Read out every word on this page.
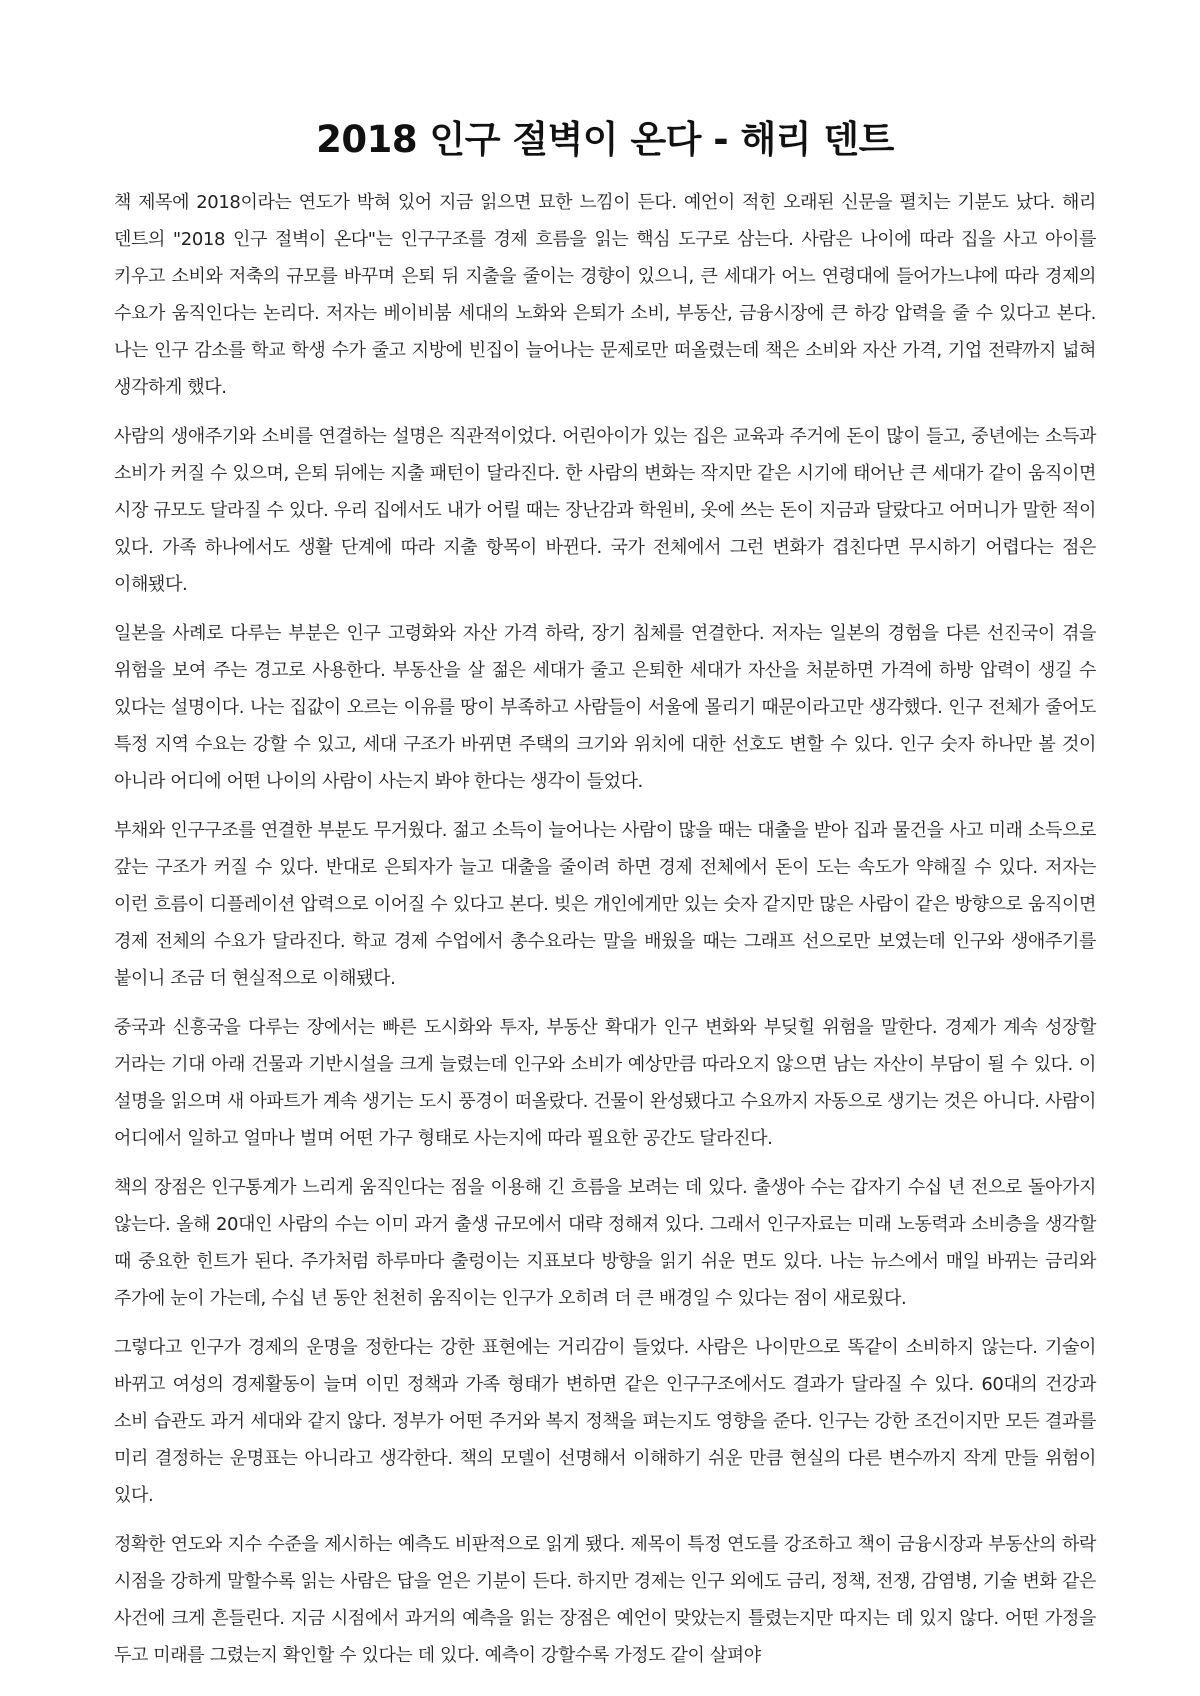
2018 인구 절벽이 온다 - 해리 덴트

책 제목에 2018이라는 연도가 박혀 있어 지금 읽으면 묘한 느낌이 든다. 예언이 적힌 오래된 신문을 펼치는 기분도 났다. 해리 덴트의 "2018 인구 절벽이 온다"는 인구구조를 경제 흐름을 읽는 핵심 도구로 삼는다. 사람은 나이에 따라 집을 사고 아이를 키우고 소비와 저축의 규모를 바꾸며 은퇴 뒤 지출을 줄이는 경향이 있으니, 큰 세대가 어느 연령대에 들어가느냐에 따라 경제의 수요가 움직인다는 논리다. 저자는 베이비붐 세대의 노화와 은퇴가 소비, 부동산, 금융시장에 큰 하강 압력을 줄 수 있다고 본다. 나는 인구 감소를 학교 학생 수가 줄고 지방에 빈집이 늘어나는 문제로만 떠올렸는데 책은 소비와 자산 가격, 기업 전략까지 넓혀 생각하게 했다.

사람의 생애주기와 소비를 연결하는 설명은 직관적이었다. 어린아이가 있는 집은 교육과 주거에 돈이 많이 들고, 중년에는 소득과 소비가 커질 수 있으며, 은퇴 뒤에는 지출 패턴이 달라진다. 한 사람의 변화는 작지만 같은 시기에 태어난 큰 세대가 같이 움직이면 시장 규모도 달라질 수 있다. 우리 집에서도 내가 어릴 때는 장난감과 학원비, 옷에 쓰는 돈이 지금과 달랐다고 어머니가 말한 적이 있다. 가족 하나에서도 생활 단계에 따라 지출 항목이 바뀐다. 국가 전체에서 그런 변화가 겹친다면 무시하기 어렵다는 점은 이해됐다.

일본을 사례로 다루는 부분은 인구 고령화와 자산 가격 하락, 장기 침체를 연결한다. 저자는 일본의 경험을 다른 선진국이 겪을 위험을 보여 주는 경고로 사용한다. 부동산을 살 젊은 세대가 줄고 은퇴한 세대가 자산을 처분하면 가격에 하방 압력이 생길 수 있다는 설명이다. 나는 집값이 오르는 이유를 땅이 부족하고 사람들이 서울에 몰리기 때문이라고만 생각했다. 인구 전체가 줄어도 특정 지역 수요는 강할 수 있고, 세대 구조가 바뀌면 주택의 크기와 위치에 대한 선호도 변할 수 있다. 인구 숫자 하나만 볼 것이 아니라 어디에 어떤 나이의 사람이 사는지 봐야 한다는 생각이 들었다.

부채와 인구구조를 연결한 부분도 무거웠다. 젊고 소득이 늘어나는 사람이 많을 때는 대출을 받아 집과 물건을 사고 미래 소득으로 갚는 구조가 커질 수 있다. 반대로 은퇴자가 늘고 대출을 줄이려 하면 경제 전체에서 돈이 도는 속도가 약해질 수 있다. 저자는 이런 흐름이 디플레이션 압력으로 이어질 수 있다고 본다. 빚은 개인에게만 있는 숫자 같지만 많은 사람이 같은 방향으로 움직이면 경제 전체의 수요가 달라진다. 학교 경제 수업에서 총수요라는 말을 배웠을 때는 그래프 선으로만 보였는데 인구와 생애주기를 붙이니 조금 더 현실적으로 이해됐다.

중국과 신흥국을 다루는 장에서는 빠른 도시화와 투자, 부동산 확대가 인구 변화와 부딪힐 위험을 말한다. 경제가 계속 성장할 거라는 기대 아래 건물과 기반시설을 크게 늘렸는데 인구와 소비가 예상만큼 따라오지 않으면 남는 자산이 부담이 될 수 있다. 이 설명을 읽으며 새 아파트가 계속 생기는 도시 풍경이 떠올랐다. 건물이 완성됐다고 수요까지 자동으로 생기는 것은 아니다. 사람이 어디에서 일하고 얼마나 벌며 어떤 가구 형태로 사는지에 따라 필요한 공간도 달라진다.

책의 장점은 인구통계가 느리게 움직인다는 점을 이용해 긴 흐름을 보려는 데 있다. 출생아 수는 갑자기 수십 년 전으로 돌아가지 않는다. 올해 20대인 사람의 수는 이미 과거 출생 규모에서 대략 정해져 있다. 그래서 인구자료는 미래 노동력과 소비층을 생각할 때 중요한 힌트가 된다. 주가처럼 하루마다 출렁이는 지표보다 방향을 읽기 쉬운 면도 있다. 나는 뉴스에서 매일 바뀌는 금리와 주가에 눈이 가는데, 수십 년 동안 천천히 움직이는 인구가 오히려 더 큰 배경일 수 있다는 점이 새로웠다.

그렇다고 인구가 경제의 운명을 정한다는 강한 표현에는 거리감이 들었다. 사람은 나이만으로 똑같이 소비하지 않는다. 기술이 바뀌고 여성의 경제활동이 늘며 이민 정책과 가족 형태가 변하면 같은 인구구조에서도 결과가 달라질 수 있다. 60대의 건강과 소비 습관도 과거 세대와 같지 않다. 정부가 어떤 주거와 복지 정책을 펴는지도 영향을 준다. 인구는 강한 조건이지만 모든 결과를 미리 결정하는 운명표는 아니라고 생각한다. 책의 모델이 선명해서 이해하기 쉬운 만큼 현실의 다른 변수까지 작게 만들 위험이 있다.

정확한 연도와 지수 수준을 제시하는 예측도 비판적으로 읽게 됐다. 제목이 특정 연도를 강조하고 책이 금융시장과 부동산의 하락 시점을 강하게 말할수록 읽는 사람은 답을 얻은 기분이 든다. 하지만 경제는 인구 외에도 금리, 정책, 전쟁, 감염병, 기술 변화 같은 사건에 크게 흔들린다. 지금 시점에서 과거의 예측을 읽는 장점은 예언이 맞았는지 틀렸는지만 따지는 데 있지 않다. 어떤 가정을 두고 미래를 그렸는지 확인할 수 있다는 데 있다. 예측이 강할수록 가정도 같이 살펴야
